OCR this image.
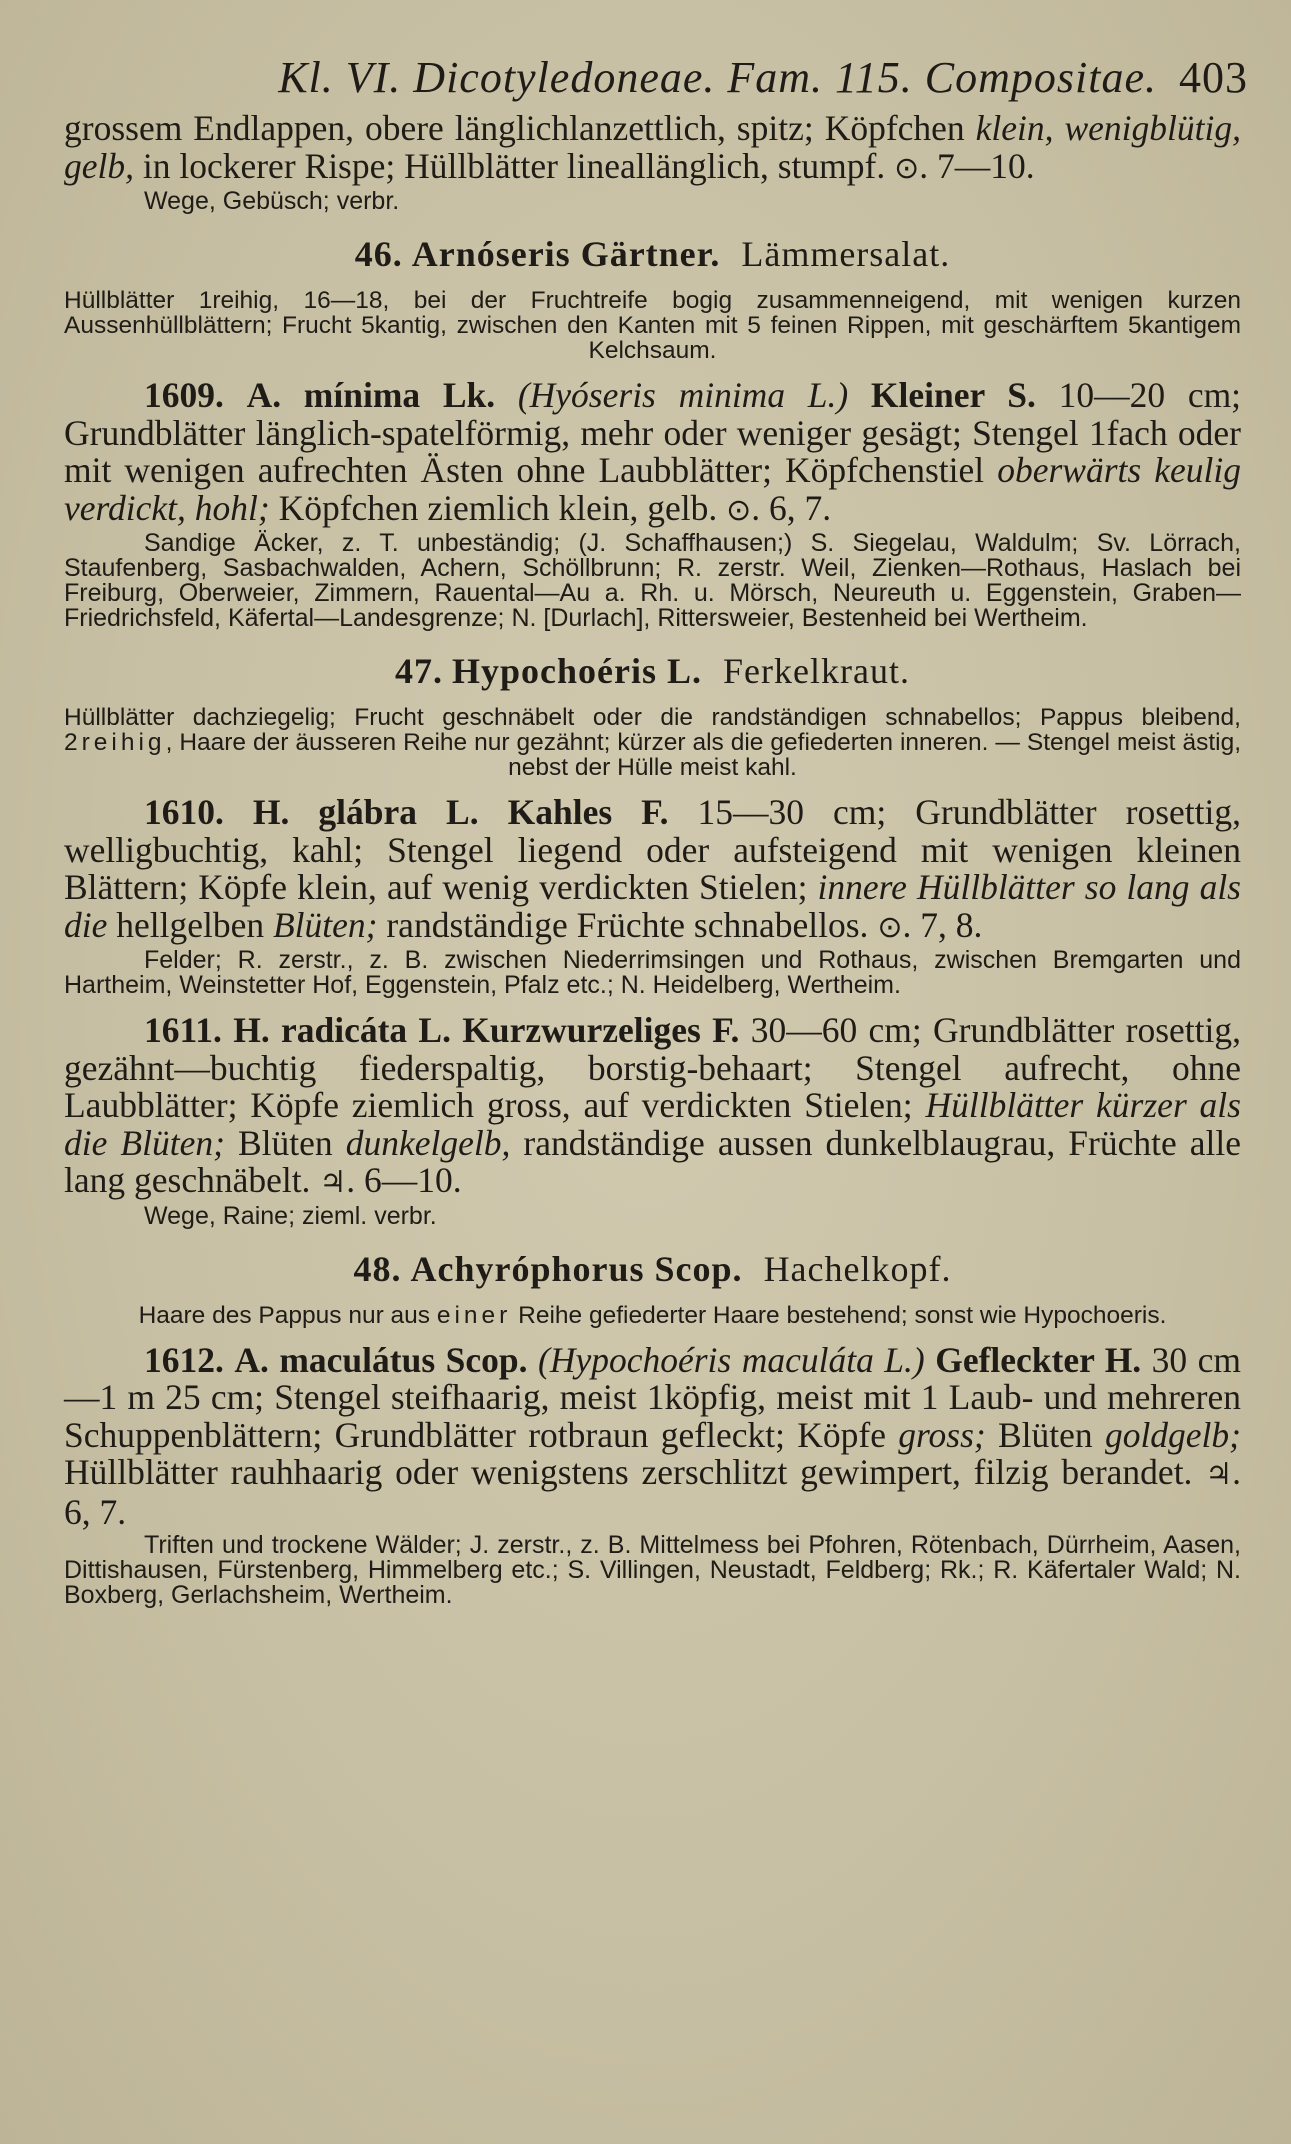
Kl. VI. Dicotyledoneae. Fam. 115. Compositae. 403
grossem Endlappen, obere länglichlanzettlich, spitz; Köpfchen klein, wenigblütig, gelb, in lockerer Rispe; Hüllblätter lineallänglich, stumpf. ⊙. 7—10.
Wege, Gebüsch; verbr.
46. Arnóseris Gärtner. Lämmersalat.
Hüllblätter 1reihig, 16—18, bei der Fruchtreife bogig zusammenneigend, mit wenigen kurzen Aussenhüllblättern; Frucht 5kantig, zwischen den Kanten mit 5 feinen Rippen, mit geschärftem 5kantigem Kelchsaum.
1609. A. mínima Lk. (Hyóseris minima L.) Kleiner S. 10—20 cm; Grundblätter länglich-spatelförmig, mehr oder weniger gesägt; Stengel 1fach oder mit wenigen aufrechten Ästen ohne Laubblätter; Köpfchenstiel oberwärts keulig verdickt, hohl; Köpfchen ziemlich klein, gelb. ⊙. 6, 7.
Sandige Äcker, z. T. unbeständig; (J. Schaffhausen;) S. Siegelau, Waldulm; Sv. Lörrach, Staufenberg, Sasbachwalden, Achern, Schöllbrunn; R. zerstr. Weil, Zienken—Rothaus, Haslach bei Freiburg, Oberweier, Zimmern, Rauental—Au a. Rh. u. Mörsch, Neureuth u. Eggenstein, Graben—Friedrichsfeld, Käfertal—Landesgrenze; N. [Durlach], Rittersweier, Bestenheid bei Wertheim.
47. Hypochoéris L. Ferkelkraut.
Hüllblätter dachziegelig; Frucht geschnäbelt oder die randständigen schnabellos; Pappus bleibend, 2reihig, Haare der äusseren Reihe nur gezähnt; kürzer als die gefiederten inneren. — Stengel meist ästig, nebst der Hülle meist kahl.
1610. H. glábra L. Kahles F. 15—30 cm; Grundblätter rosettig, welligbuchtig, kahl; Stengel liegend oder aufsteigend mit wenigen kleinen Blättern; Köpfe klein, auf wenig verdickten Stielen; innere Hüllblätter so lang als die hellgelben Blüten; randständige Früchte schnabellos. ⊙. 7, 8.
Felder; R. zerstr., z. B. zwischen Niederrimsingen und Rothaus, zwischen Bremgarten und Hartheim, Weinstetter Hof, Eggenstein, Pfalz etc.; N. Heidelberg, Wertheim.
1611. H. radicáta L. Kurzwurzeliges F. 30—60 cm; Grundblätter rosettig, gezähnt—buchtig fiederspaltig, borstig-behaart; Stengel aufrecht, ohne Laubblätter; Köpfe ziemlich gross, auf verdickten Stielen; Hüllblätter kürzer als die Blüten; Blüten dunkelgelb, randständige aussen dunkelblaugrau, Früchte alle lang geschnäbelt. ♃. 6—10.
Wege, Raine; zieml. verbr.
48. Achyróphorus Scop. Hachelkopf.
Haare des Pappus nur aus einer Reihe gefiederter Haare bestehend; sonst wie Hypochoeris.
1612. A. maculátus Scop. (Hypochoéris maculáta L.) Gefleckter H. 30 cm—1 m 25 cm; Stengel steifhaarig, meist 1köpfig, meist mit 1 Laub- und mehreren Schuppenblättern; Grundblätter rotbraun gefleckt; Köpfe gross; Blüten goldgelb; Hüllblätter rauhhaarig oder wenigstens zerschlitzt gewimpert, filzig berandet. ♃. 6, 7.
Triften und trockene Wälder; J. zerstr., z. B. Mittelmess bei Pfohren, Rötenbach, Dürrheim, Aasen, Dittishausen, Fürstenberg, Himmelberg etc.; S. Villingen, Neustadt, Feldberg; Rk.; R. Käfertaler Wald; N. Boxberg, Gerlachsheim, Wertheim.
